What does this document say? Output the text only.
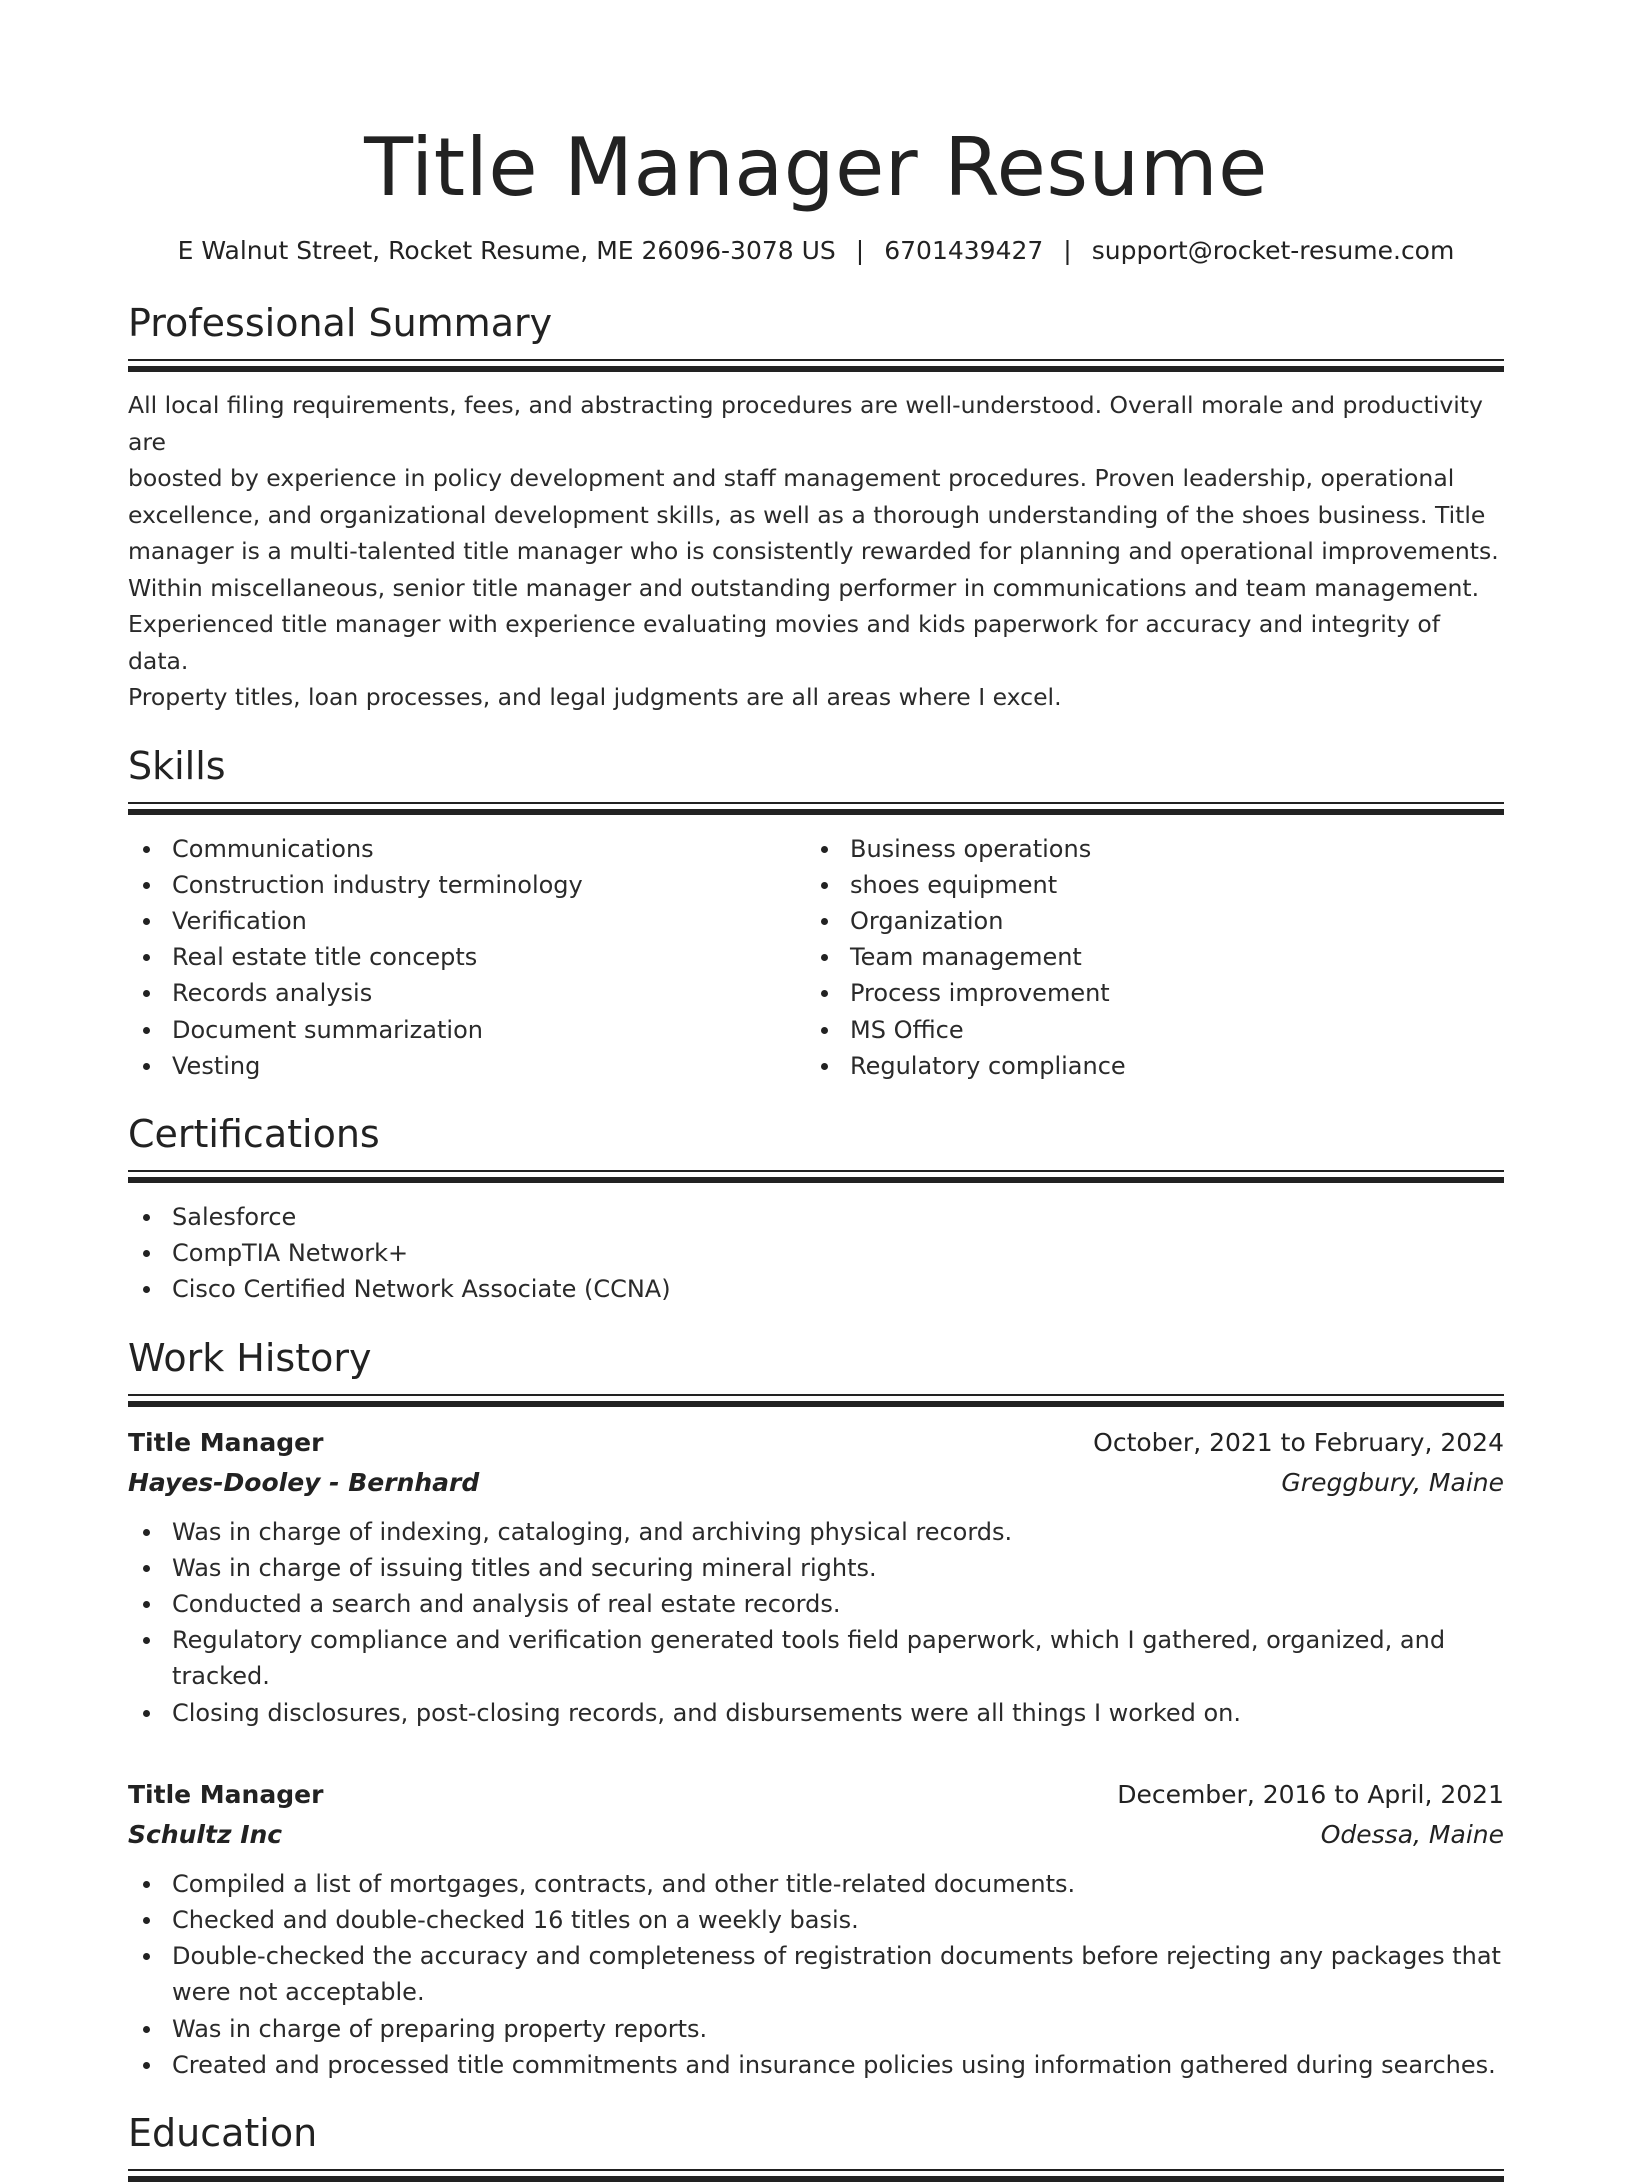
Title Manager Resume
E Walnut Street, Rocket Resume, ME 26096-3078 US | 6701439427 | support@rocket-resume.com
Professional Summary
All local filing requirements, fees, and abstracting procedures are well-understood. Overall morale and productivity are
boosted by experience in policy development and staff management procedures. Proven leadership, operational
excellence, and organizational development skills, as well as a thorough understanding of the shoes business. Title
manager is a multi-talented title manager who is consistently rewarded for planning and operational improvements.
Within miscellaneous, senior title manager and outstanding performer in communications and team management.
Experienced title manager with experience evaluating movies and kids paperwork for accuracy and integrity of data.
Property titles, loan processes, and legal judgments are all areas where I excel.
Skills
Communications
Construction industry terminology
Verification
Real estate title concepts
Records analysis
Document summarization
Vesting
Business operations
shoes equipment
Organization
Team management
Process improvement
MS Office
Regulatory compliance
Certifications
Salesforce
CompTIA Network+
Cisco Certified Network Associate (CCNA)
Work History
Title Manager	October, 2021 to February, 2024
Hayes-Dooley - Bernhard	Greggbury, Maine
Was in charge of indexing, cataloging, and archiving physical records.
Was in charge of issuing titles and securing mineral rights.
Conducted a search and analysis of real estate records.
Regulatory compliance and verification generated tools field paperwork, which I gathered, organized, and tracked.
Closing disclosures, post-closing records, and disbursements were all things I worked on.
Title Manager	December, 2016 to April, 2021
Schultz Inc	Odessa, Maine
Compiled a list of mortgages, contracts, and other title-related documents.
Checked and double-checked 16 titles on a weekly basis.
Double-checked the accuracy and completeness of registration documents before rejecting any packages that were not acceptable.
Was in charge of preparing property reports.
Created and processed title commitments and insurance policies using information gathered during searches.
Education
